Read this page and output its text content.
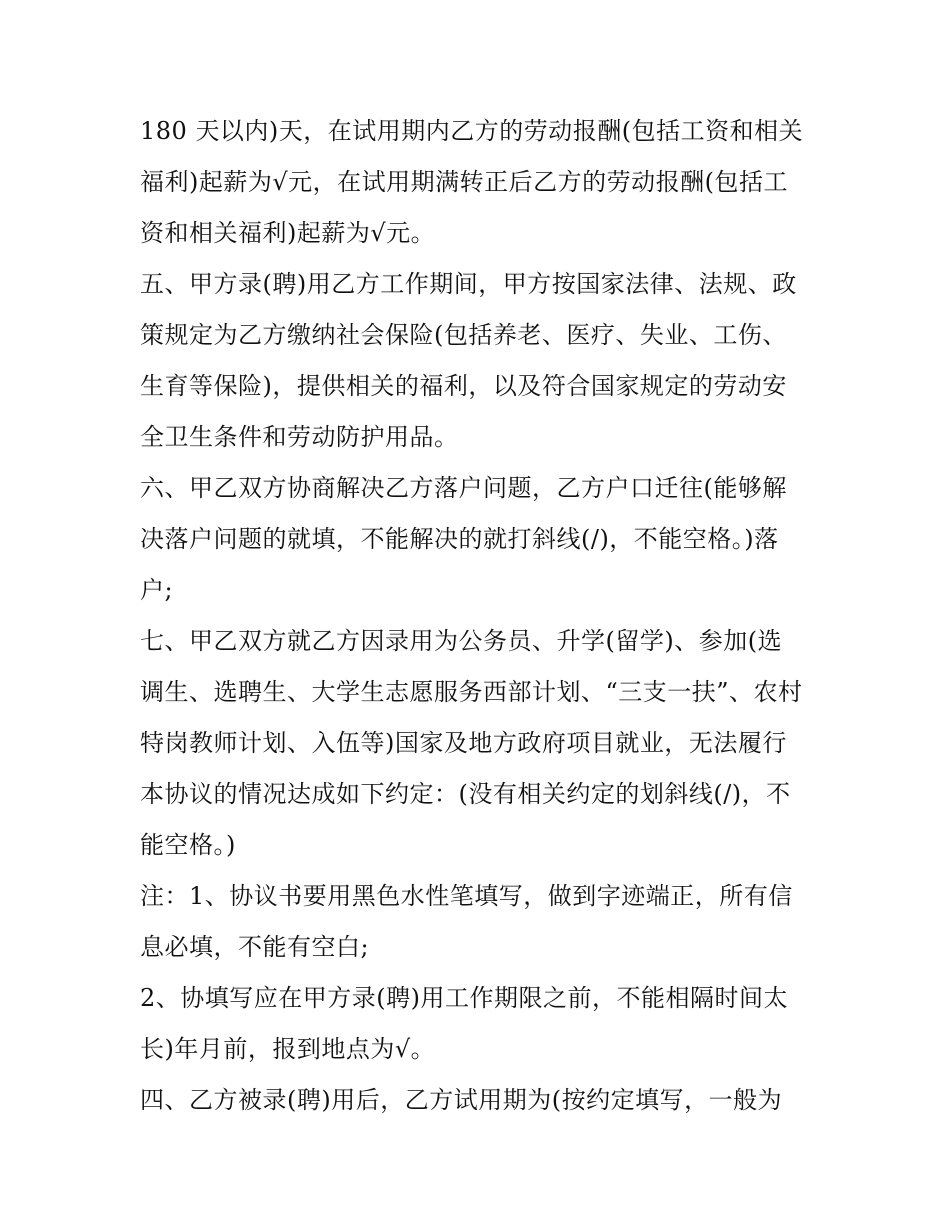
180 天以内)天，在试用期内乙方的劳动报酬(包括工资和相关
福利)起薪为√元，在试用期满转正后乙方的劳动报酬(包括工
资和相关福利)起薪为√元。
五、甲方录(聘)用乙方工作期间，甲方按国家法律、法规、政
策规定为乙方缴纳社会保险(包括养老、医疗、失业、工伤、
生育等保险)，提供相关的福利，以及符合国家规定的劳动安
全卫生条件和劳动防护用品。
六、甲乙双方协商解决乙方落户问题，乙方户口迁往(能够解
决落户问题的就填，不能解决的就打斜线(/)，不能空格。)落
户;
七、甲乙双方就乙方因录用为公务员、升学(留学)、参加(选
调生、选聘生、大学生志愿服务西部计划、“三支一扶”、农村
特岗教师计划、入伍等)国家及地方政府项目就业，无法履行
本协议的情况达成如下约定：(没有相关约定的划斜线(/)，不
能空格。)
注：1、协议书要用黑色水性笔填写，做到字迹端正，所有信
息必填，不能有空白;
2、协填写应在甲方录(聘)用工作期限之前，不能相隔时间太
长)年月前，报到地点为√。
四、乙方被录(聘)用后，乙方试用期为(按约定填写，一般为
